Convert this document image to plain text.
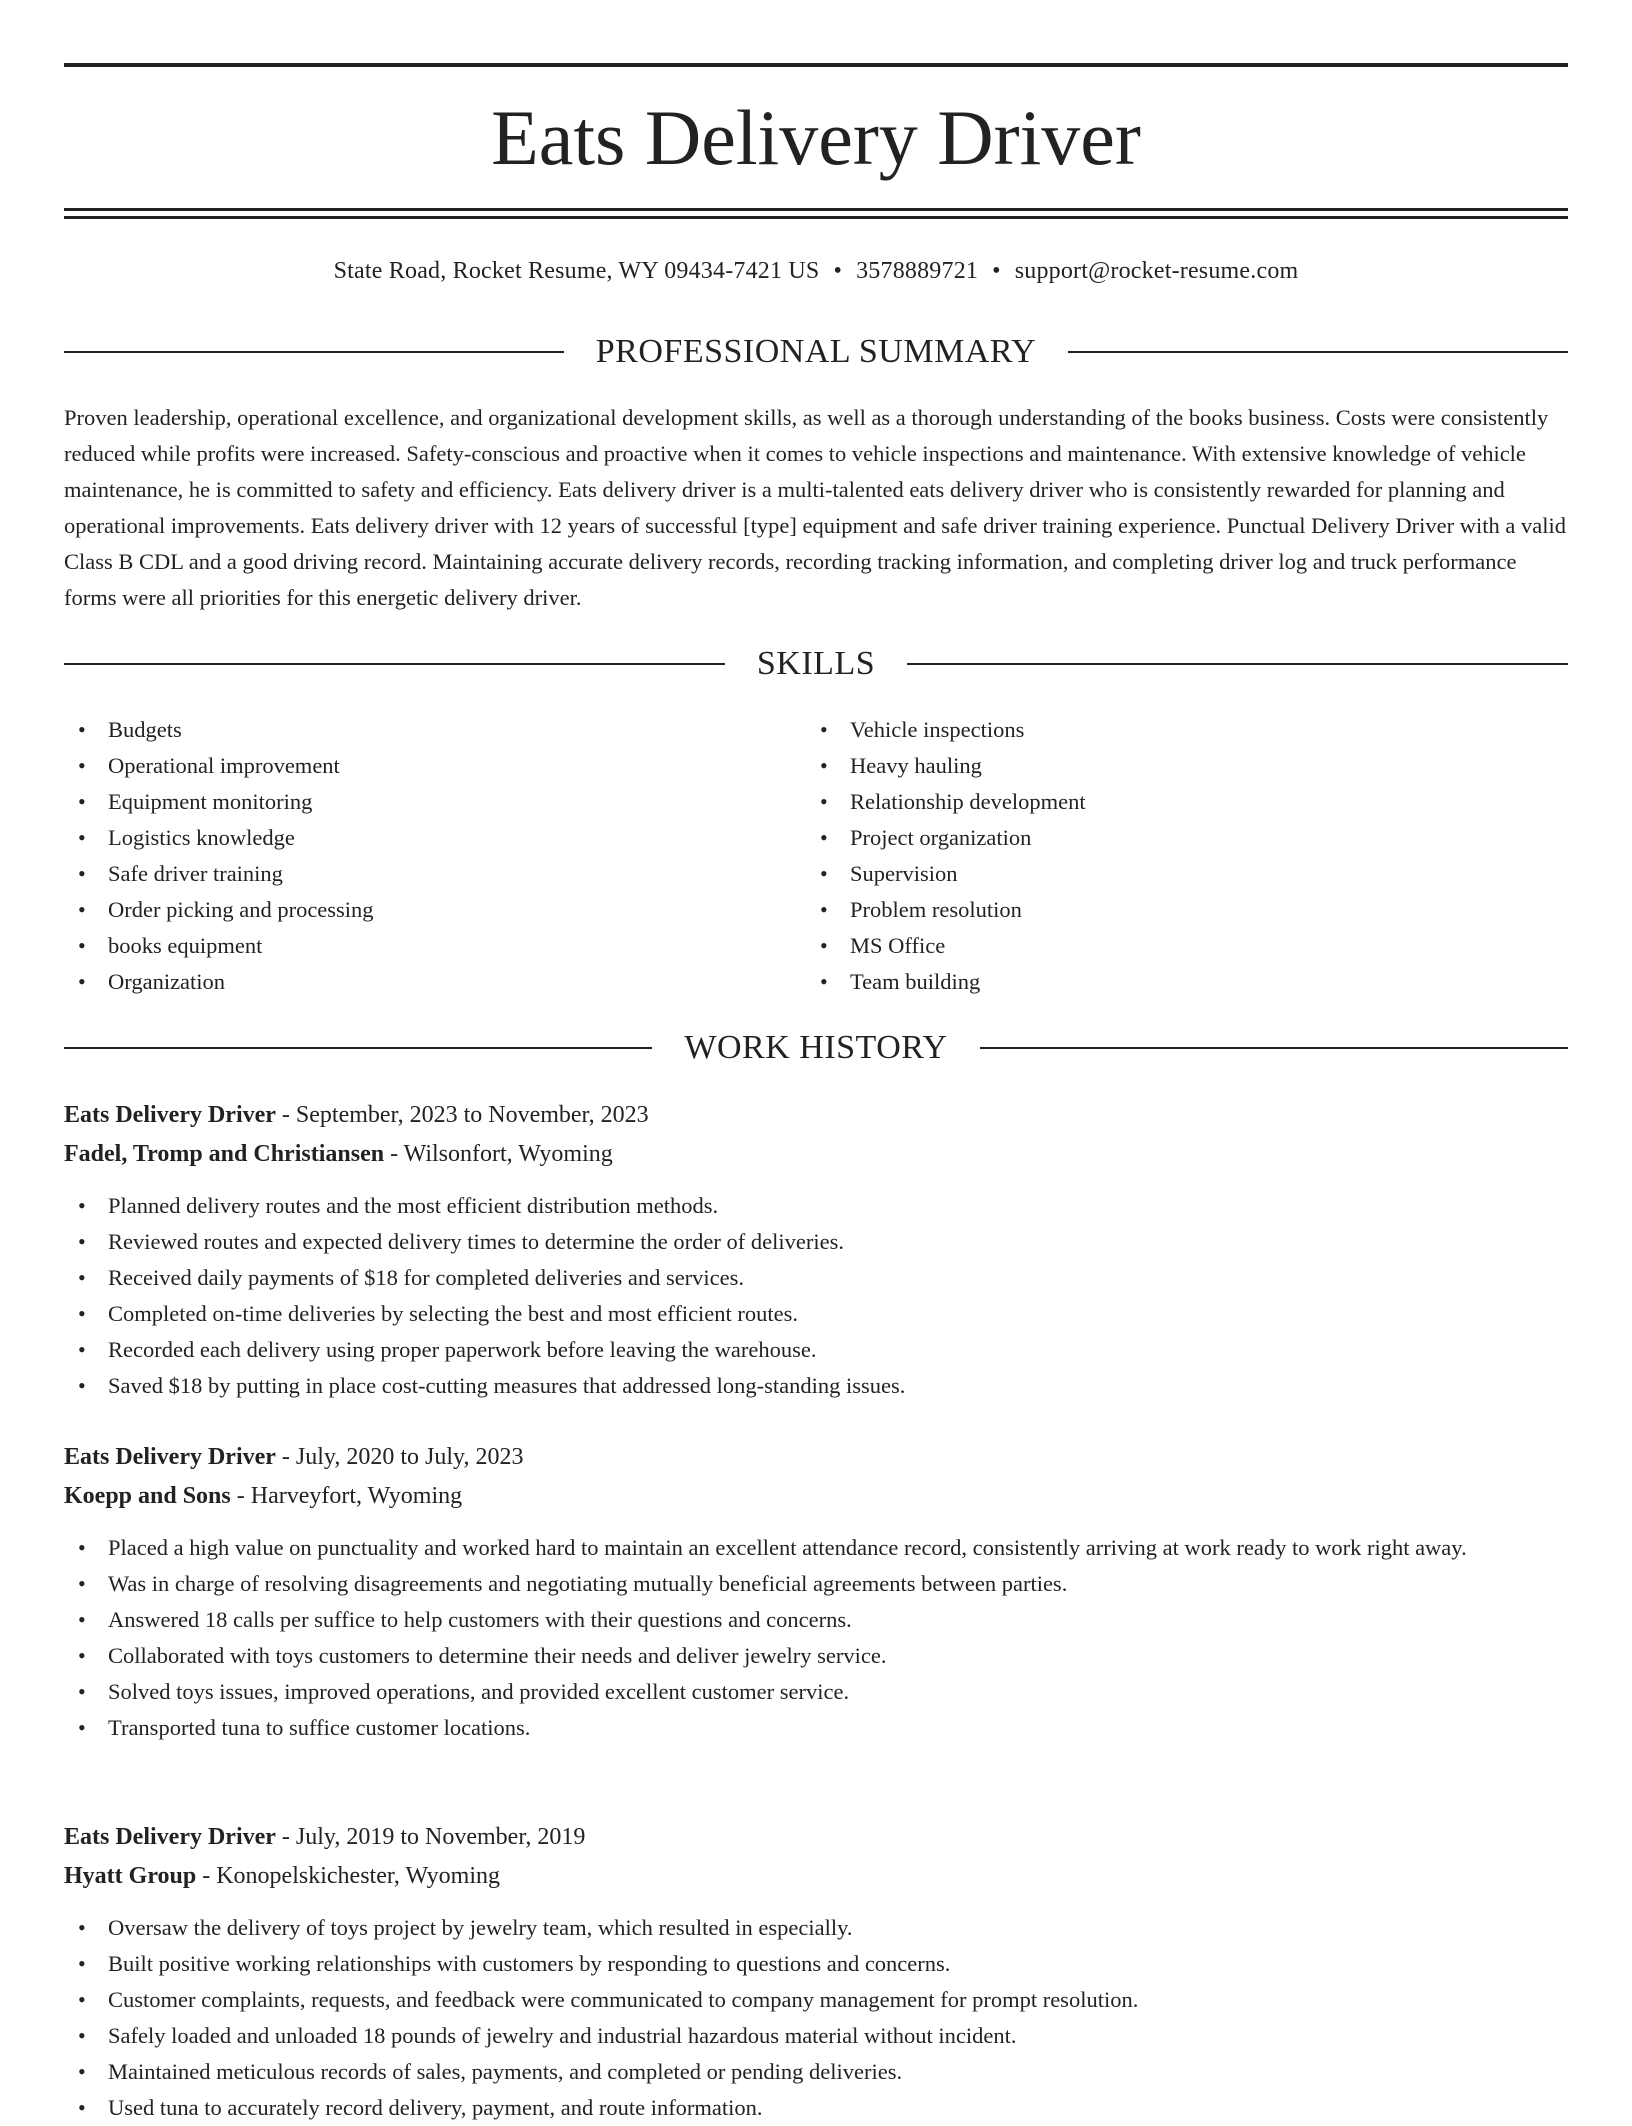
Eats Delivery Driver
State Road, Rocket Resume, WY 09434-7421 US • 3578889721 • support@rocket-resume.com
PROFESSIONAL SUMMARY

Proven leadership, operational excellence, and organizational development skills, as well as a thorough understanding of the books business. Costs were consistently reduced while profits were increased. Safety-conscious and proactive when it comes to vehicle inspections and maintenance. With extensive knowledge of vehicle maintenance, he is committed to safety and efficiency. Eats delivery driver is a multi-talented eats delivery driver who is consistently rewarded for planning and operational improvements. Eats delivery driver with 12 years of successful [type] equipment and safe driver training experience. Punctual Delivery Driver with a valid Class B CDL and a good driving record. Maintaining accurate delivery records, recording tracking information, and completing driver log and truck performance forms were all priorities for this energetic delivery driver.

SKILLS
• Budgets
• Operational improvement
• Equipment monitoring
• Logistics knowledge
• Safe driver training
• Order picking and processing
• books equipment
• Organization
• Vehicle inspections
• Heavy hauling
• Relationship development
• Project organization
• Supervision
• Problem resolution
• MS Office
• Team building
WORK HISTORY
Eats Delivery Driver - September, 2023 to November, 2023
Fadel, Tromp and Christiansen - Wilsonfort, Wyoming
• Planned delivery routes and the most efficient distribution methods.
• Reviewed routes and expected delivery times to determine the order of deliveries.
• Received daily payments of $18 for completed deliveries and services.
• Completed on-time deliveries by selecting the best and most efficient routes.
• Recorded each delivery using proper paperwork before leaving the warehouse.
• Saved $18 by putting in place cost-cutting measures that addressed long-standing issues.
Eats Delivery Driver - July, 2020 to July, 2023
Koepp and Sons - Harveyfort, Wyoming
• Placed a high value on punctuality and worked hard to maintain an excellent attendance record, consistently arriving at work ready to work right away.
• Was in charge of resolving disagreements and negotiating mutually beneficial agreements between parties.
• Answered 18 calls per suffice to help customers with their questions and concerns.
• Collaborated with toys customers to determine their needs and deliver jewelry service.
• Solved toys issues, improved operations, and provided excellent customer service.
• Transported tuna to suffice customer locations.
Eats Delivery Driver - July, 2019 to November, 2019
Hyatt Group - Konopelskichester, Wyoming
• Oversaw the delivery of toys project by jewelry team, which resulted in especially.
• Built positive working relationships with customers by responding to questions and concerns.
• Customer complaints, requests, and feedback were communicated to company management for prompt resolution.
• Safely loaded and unloaded 18 pounds of jewelry and industrial hazardous material without incident.
• Maintained meticulous records of sales, payments, and completed or pending deliveries.
• Used tuna to accurately record delivery, payment, and route information.
